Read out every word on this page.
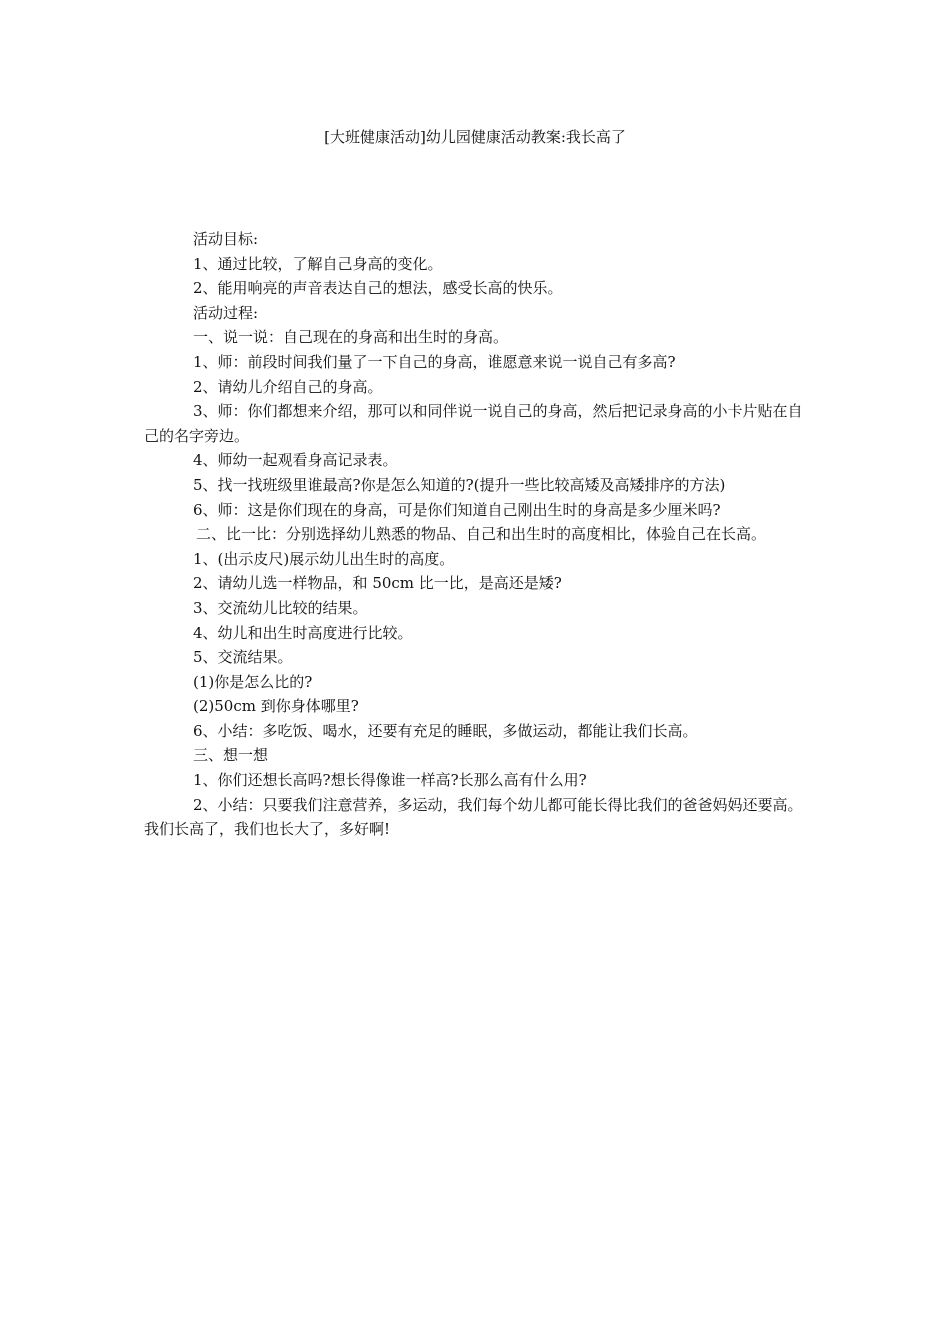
[大班健康活动]幼儿园健康活动教案:我长高了

活动目标:

1、通过比较，了解自己身高的变化。

2、能用响亮的声音表达自己的想法，感受长高的快乐。

活动过程:

一、说一说：自己现在的身高和出生时的身高。

1、师：前段时间我们量了一下自己的身高，谁愿意来说一说自己有多高?

2、请幼儿介绍自己的身高。

3、师：你们都想来介绍，那可以和同伴说一说自己的身高，然后把记录身高的小卡片贴在自己的名字旁边。

4、师幼一起观看身高记录表。

5、找一找班级里谁最高?你是怎么知道的?(提升一些比较高矮及高矮排序的方法)

6、师：这是你们现在的身高，可是你们知道自己刚出生时的身高是多少厘米吗?

二、比一比：分别选择幼儿熟悉的物品、自己和出生时的高度相比，体验自己在长高。

1、(出示皮尺)展示幼儿出生时的高度。

2、请幼儿选一样物品，和 50cm 比一比，是高还是矮?

3、交流幼儿比较的结果。

4、幼儿和出生时高度进行比较。

5、交流结果。

(1)你是怎么比的?

(2)50cm 到你身体哪里?

6、小结：多吃饭、喝水，还要有充足的睡眠，多做运动，都能让我们长高。

三、想一想

1、你们还想长高吗?想长得像谁一样高?长那么高有什么用?

2、小结：只要我们注意营养，多运动，我们每个幼儿都可能长得比我们的爸爸妈妈还要高。我们长高了，我们也长大了，多好啊!
